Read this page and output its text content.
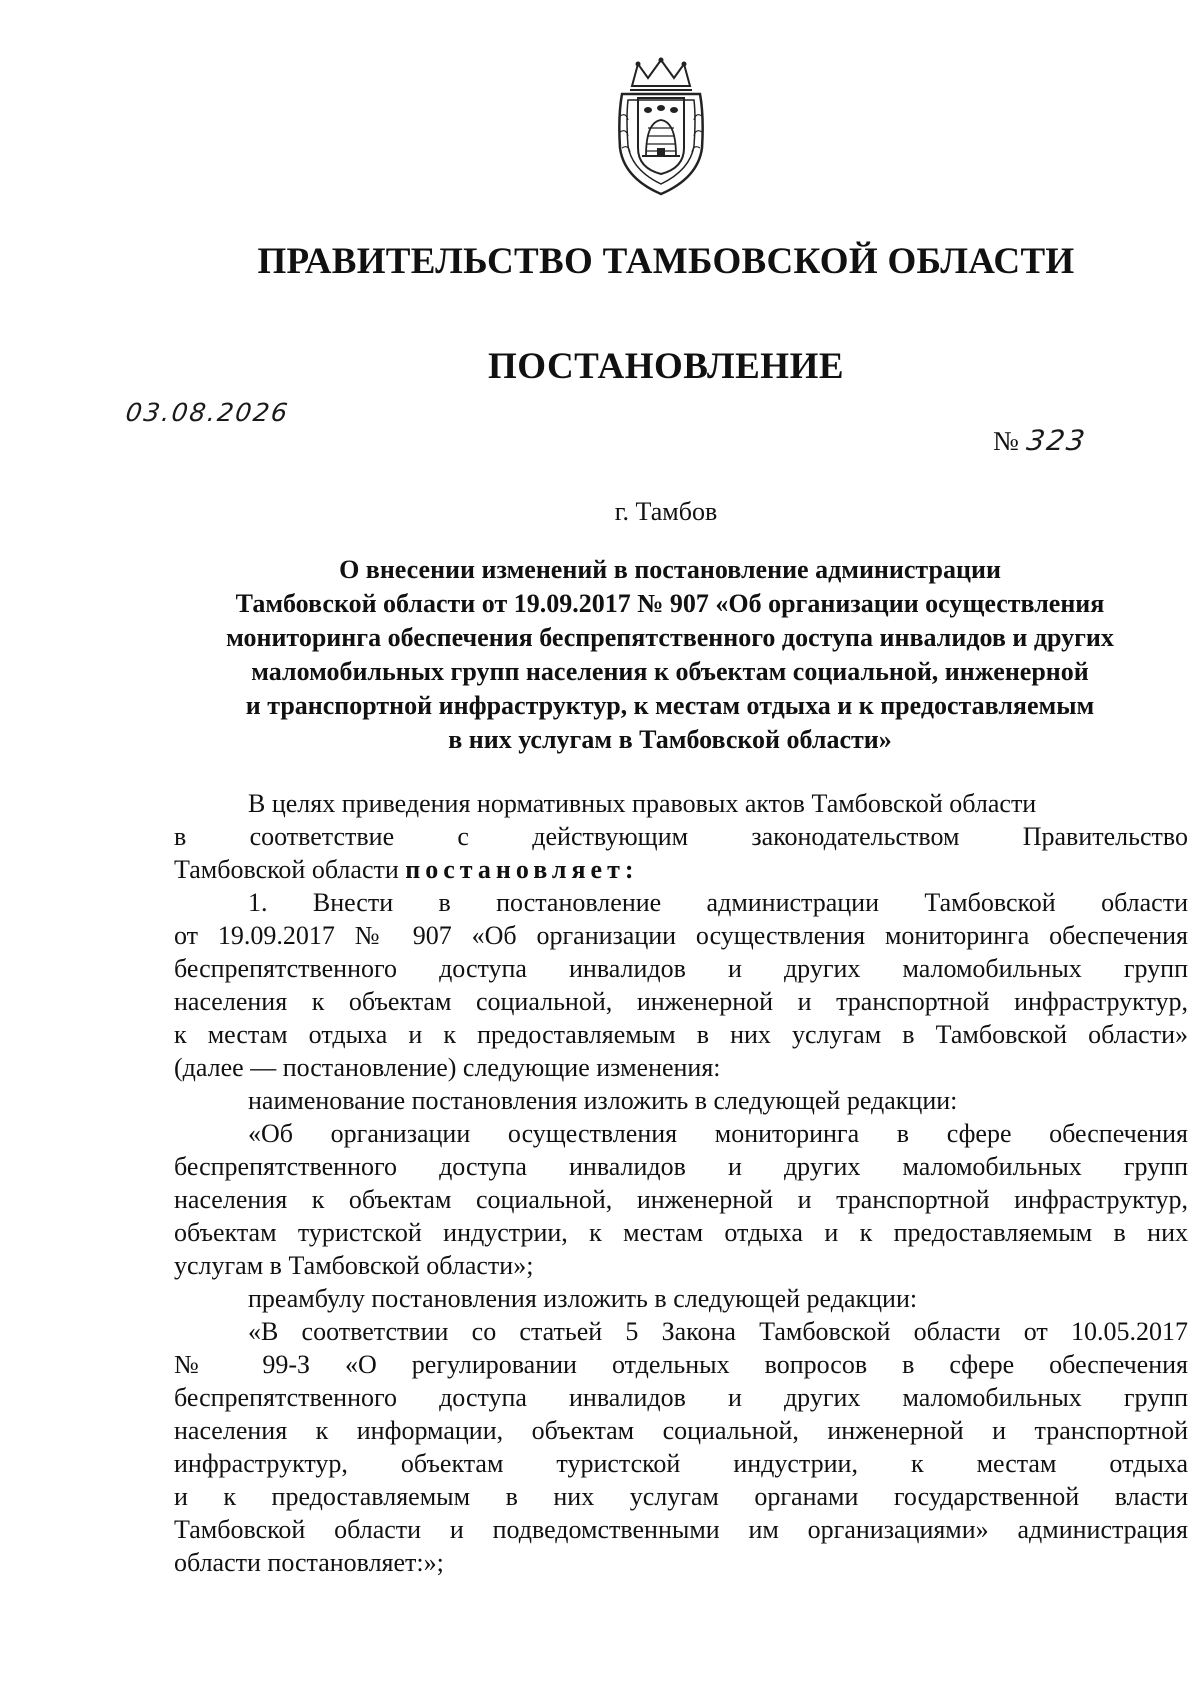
ПРАВИТЕЛЬСТВО ТАМБОВСКОЙ ОБЛАСТИ
ПОСТАНОВЛЕНИЕ
03.08.2026
№ 323
г. Тамбов
О внесении изменений в постановление администрации
Тамбовской области от 19.09.2017 № 907 «Об организации осуществления
мониторинга обеспечения беспрепятственного доступа инвалидов и других
маломобильных групп населения к объектам социальной, инженерной
и транспортной инфраструктур, к местам отдыха и к предоставляемым
в них услугам в Тамбовской области»
В целях приведения нормативных правовых актов Тамбовской области
в соответствие с действующим законодательством Правительство
Тамбовской области постановляет:
1. Внести в постановление администрации Тамбовской области
от 19.09.2017 № 907 «Об организации осуществления мониторинга обеспечения
беспрепятственного доступа инвалидов и других маломобильных групп
населения к объектам социальной, инженерной и транспортной инфраструктур,
к местам отдыха и к предоставляемым в них услугам в Тамбовской области»
(далее — постановление) следующие изменения:
наименование постановления изложить в следующей редакции:
«Об организации осуществления мониторинга в сфере обеспечения
беспрепятственного доступа инвалидов и других маломобильных групп
населения к объектам социальной, инженерной и транспортной инфраструктур,
объектам туристской индустрии, к местам отдыха и к предоставляемым в них
услугам в Тамбовской области»;
преамбулу постановления изложить в следующей редакции:
«В соответствии со статьей 5 Закона Тамбовской области от 10.05.2017
№ 99-З «О регулировании отдельных вопросов в сфере обеспечения
беспрепятственного доступа инвалидов и других маломобильных групп
населения к информации, объектам социальной, инженерной и транспортной
инфраструктур, объектам туристской индустрии, к местам отдыха
и к предоставляемым в них услугам органами государственной власти
Тамбовской области и подведомственными им организациями» администрация
области постановляет:»;
